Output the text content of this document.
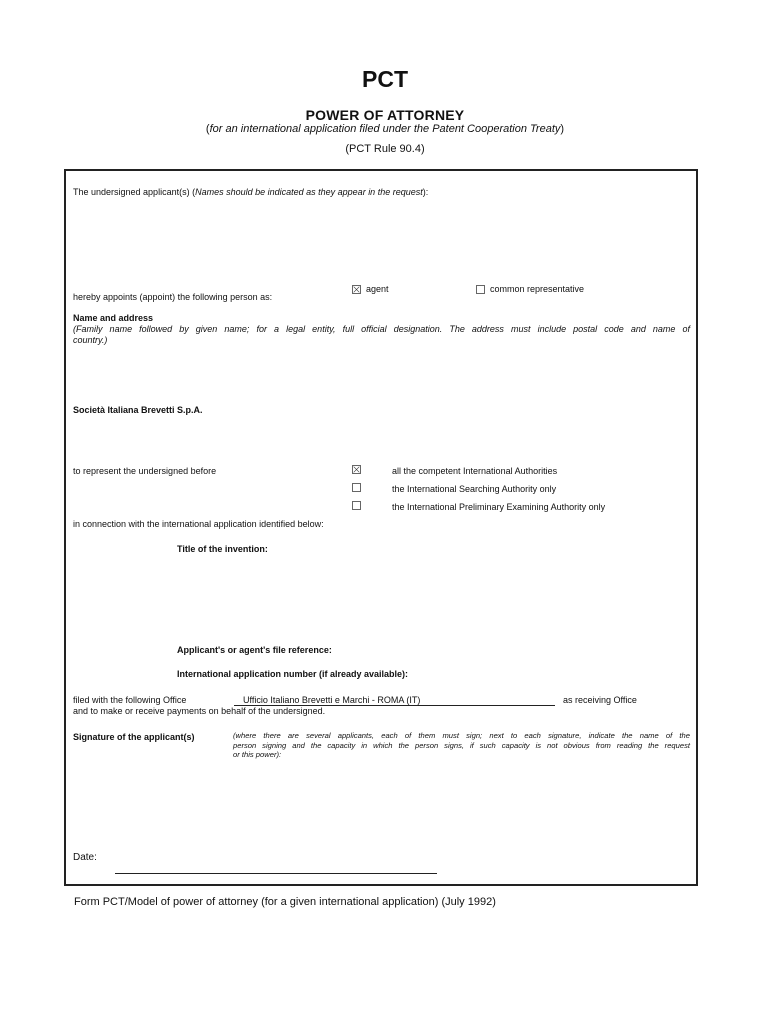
PCT
POWER OF ATTORNEY
(for an international application filed under the Patent Cooperation Treaty)
(PCT Rule 90.4)
The undersigned applicant(s) (Names should be indicated as they appear in the request):
hereby appoints (appoint) the following person as:
agent	common representative
Name and address
(Family name followed by given name; for a legal entity, full official designation. The address must include postal code and name of
country.)
Società Italiana Brevetti S.p.A.
to represent the undersigned before	all the competent International Authorities
the International Searching Authority only
the International Preliminary Examining Authority only
in connection with the international application identified below:
Title of the invention:
Applicant's or agent's file reference:
International application number (if already available):
filed with the following Office	Ufficio Italiano Brevetti e Marchi - ROMA (IT)	as receiving Office
and to make or receive payments on behalf of the undersigned.
Signature of the applicant(s)	(where there are several applicants, each of them must sign; next to each signature, indicate the name of the
person signing and the capacity in which the person signs, if such capacity is not obvious from reading the request
or this power):
Date:
Form PCT/Model of power of attorney (for a given international application) (July 1992)
